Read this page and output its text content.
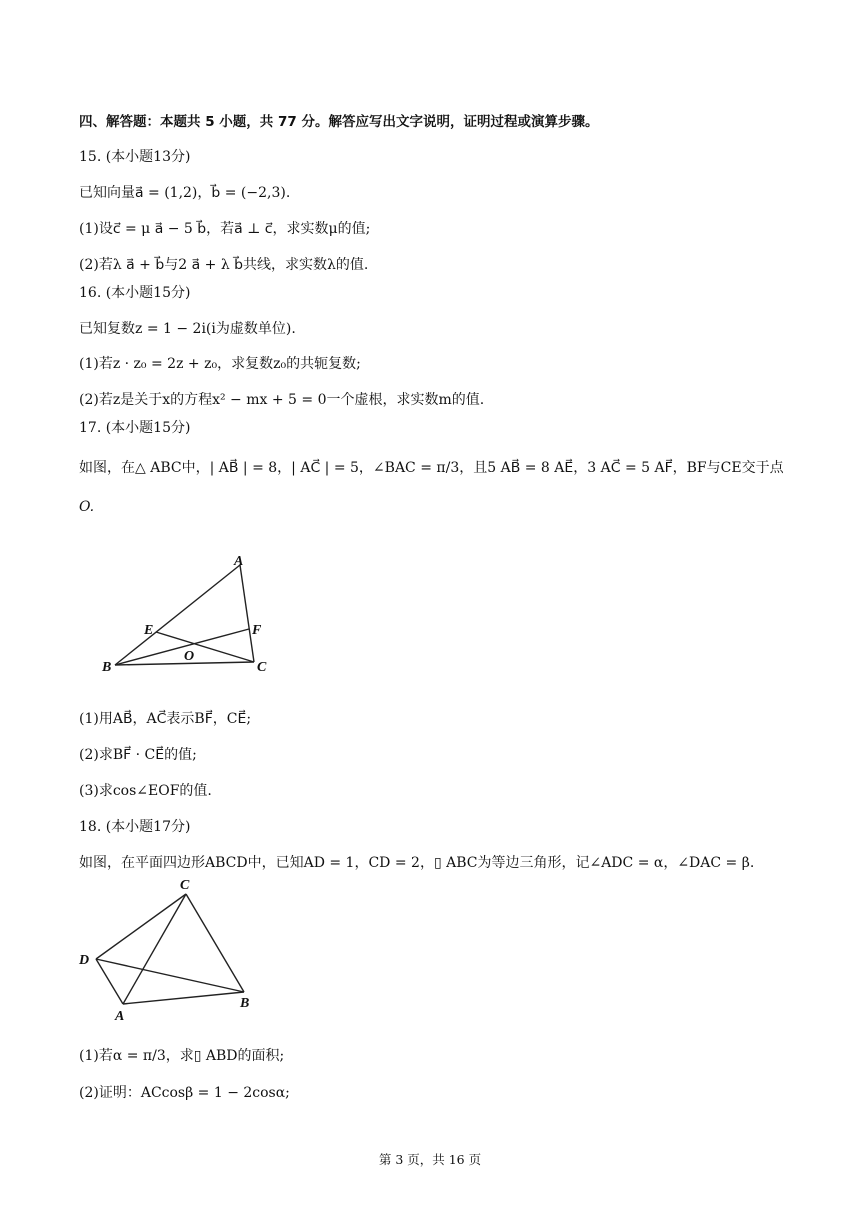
四、解答题：本题共 5 小题，共 77 分。解答应写出文字说明，证明过程或演算步骤。
15. (本小题13分)
已知向量a⃗ = (1,2)，b⃗ = (−2,3).
(1)设c⃗ = μ a⃗ − 5 b⃗，若a⃗ ⊥ c⃗，求实数μ的值;
(2)若λ a⃗ + b⃗与2 a⃗ + λ b⃗共线，求实数λ的值.
16. (本小题15分)
已知复数z = 1 − 2i(i为虚数单位).
(1)若z · z₀ = 2z + z₀，求复数z₀的共轭复数;
(2)若z是关于x的方程x² − mx + 5 = 0一个虚根，求实数m的值.
17. (本小题15分)
如图，在△ ABC中，| AB⃗ | = 8，| AC⃗ | = 5，∠BAC = π/3，且5 AB⃗ = 8 AE⃗，3 AC⃗ = 5 AF⃗，BF与CE交于点
O.
A
E	F
O
B	C
(1)用AB⃗，AC⃗表示BF⃗，CE⃗;
(2)求BF⃗ · CE⃗的值;
(3)求cos∠EOF的值.
18. (本小题17分)
如图，在平面四边形ABCD中，已知AD = 1，CD = 2，▯ ABC为等边三角形，记∠ADC = α，∠DAC = β.
C
D
A
B
(1)若α = π/3，求▯ ABD的面积;
(2)证明：ACcosβ = 1 − 2cosα;
第 3 页，共 16 页
